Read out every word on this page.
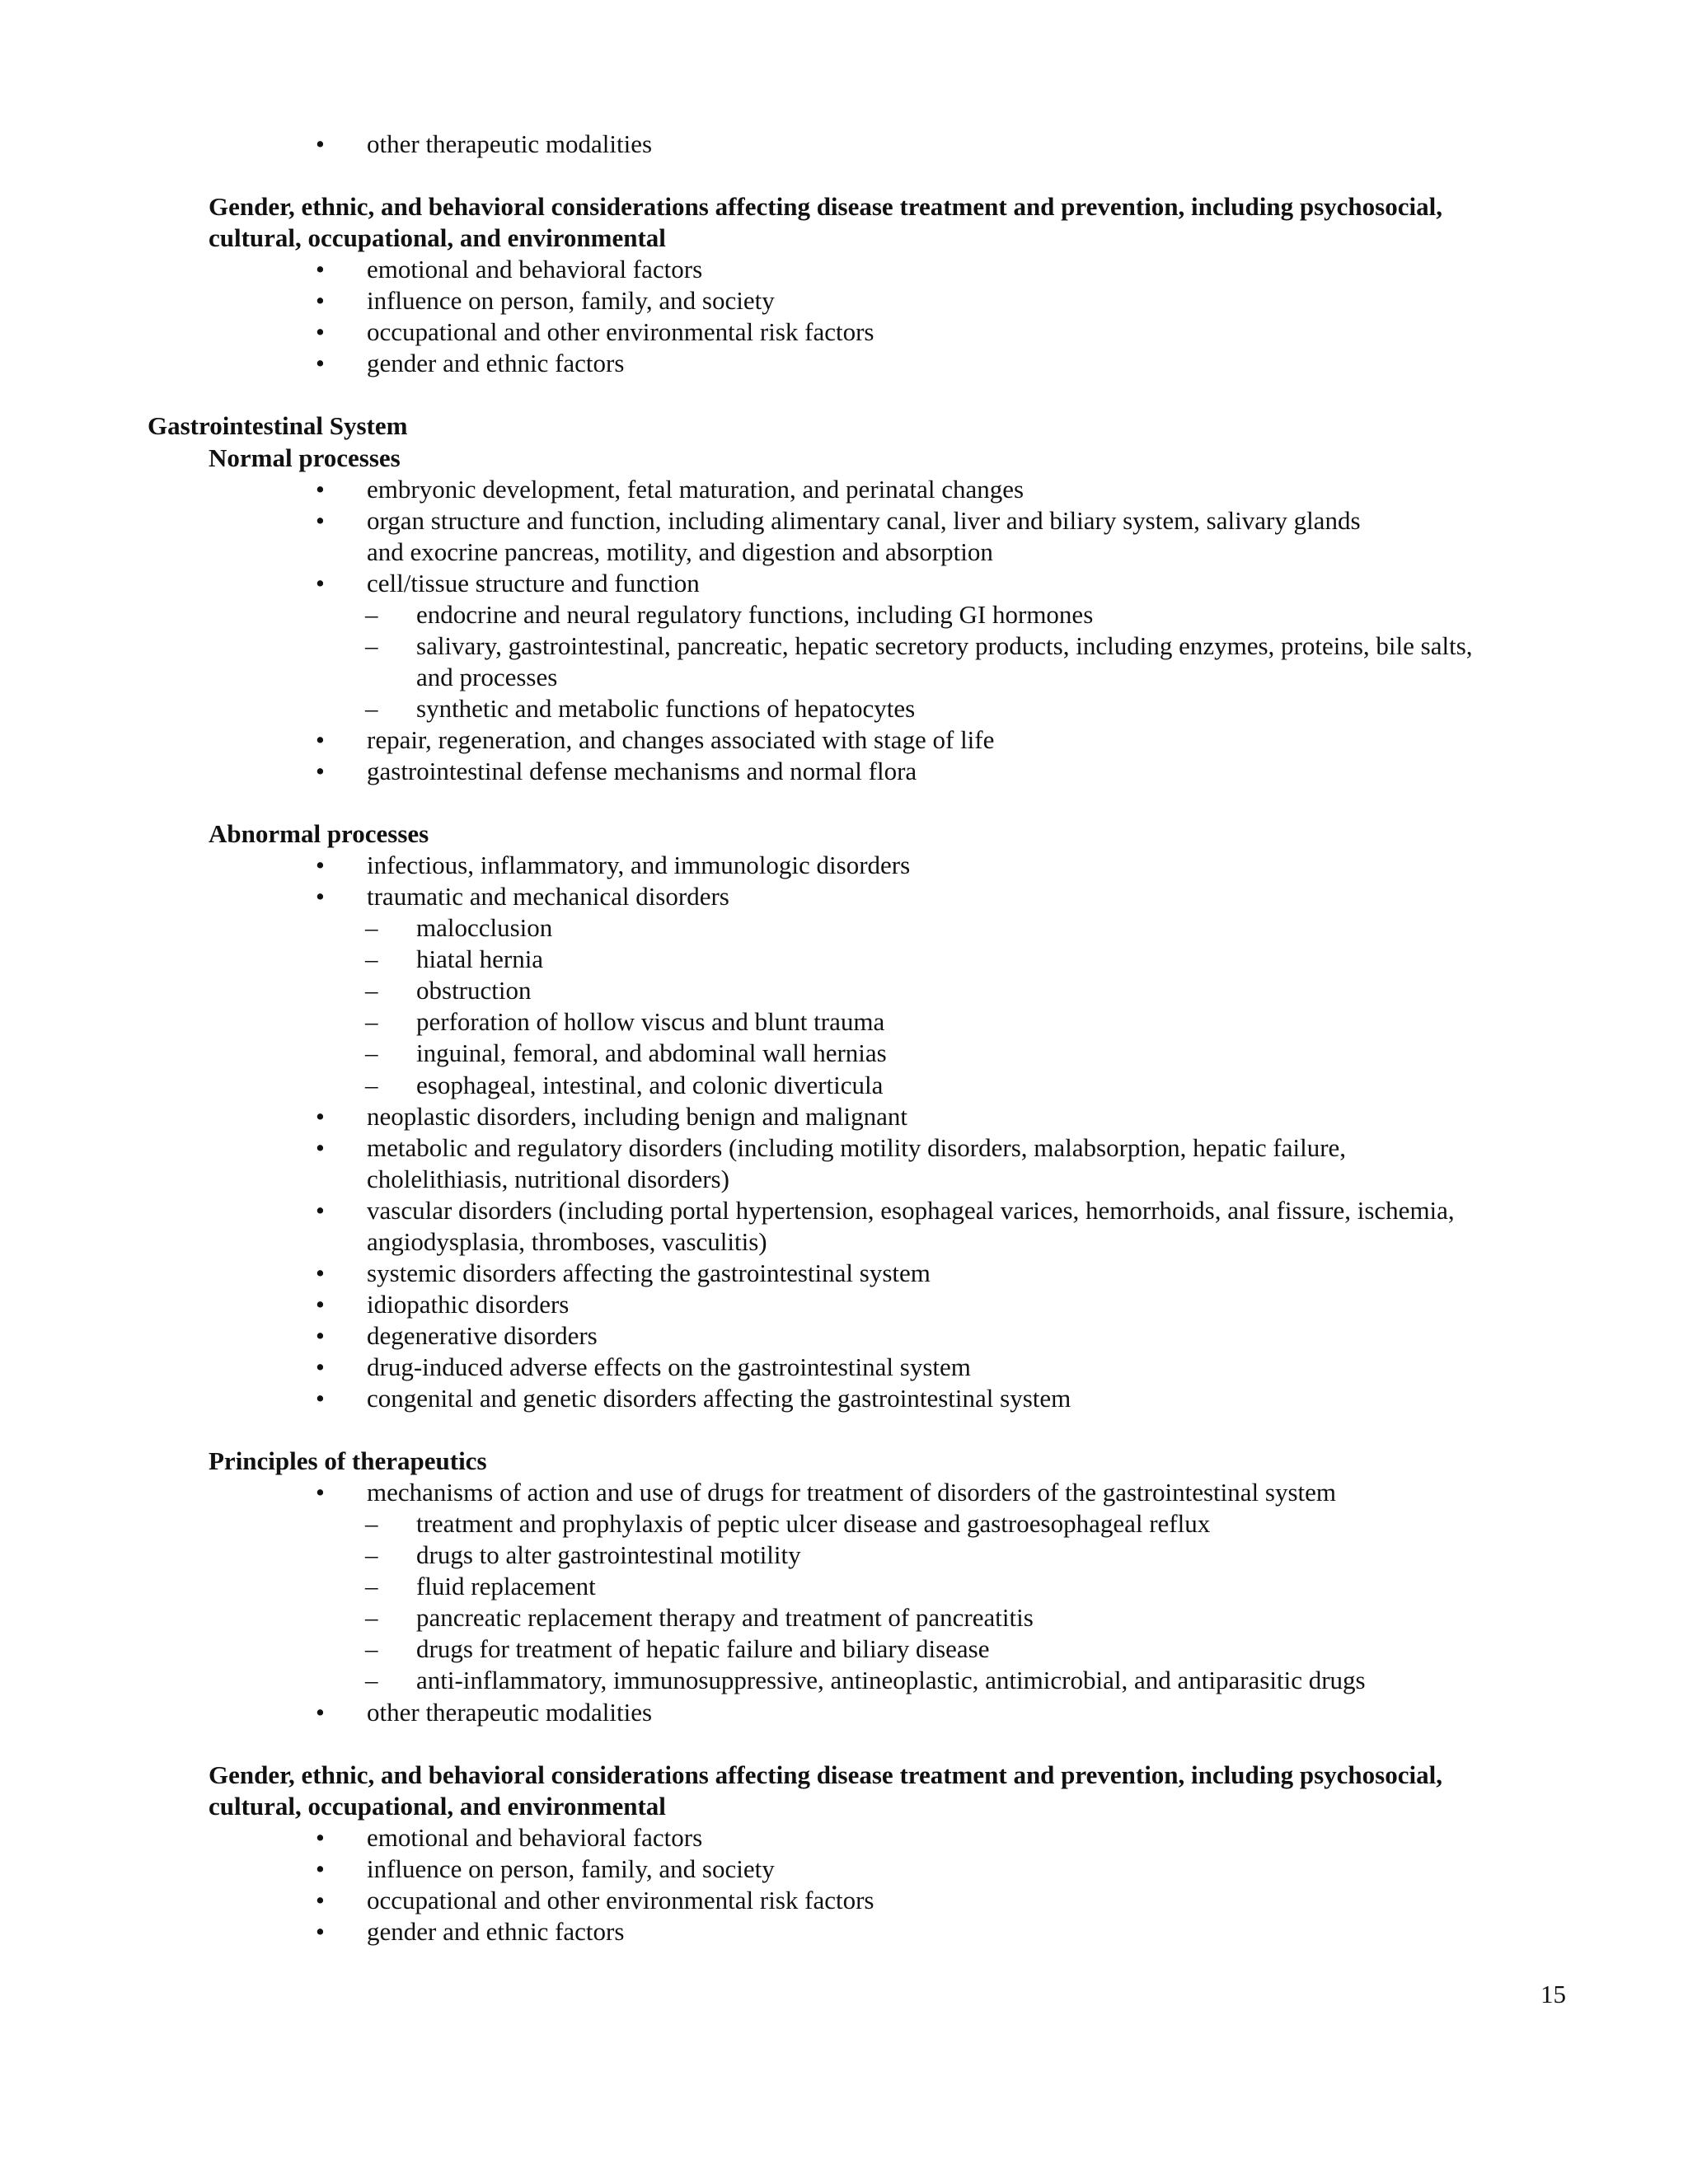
15
• other therapeutic modalities
Gender, ethnic, and behavioral considerations affecting disease treatment and prevention, including psychosocial,
cultural, occupational, and environmental
• emotional and behavioral factors
• influence on person, family, and society
• occupational and other environmental risk factors
• gender and ethnic factors
Gastrointestinal System
Normal processes
• embryonic development, fetal maturation, and perinatal changes
• organ structure and function, including alimentary canal, liver and biliary system, salivary glands
and exocrine pancreas, motility, and digestion and absorption
• cell/tissue structure and function
– endocrine and neural regulatory functions, including GI hormones
– salivary, gastrointestinal, pancreatic, hepatic secretory products, including enzymes, proteins, bile salts,
and processes
– synthetic and metabolic functions of hepatocytes
• repair, regeneration, and changes associated with stage of life
• gastrointestinal defense mechanisms and normal flora
Abnormal processes
• infectious, inflammatory, and immunologic disorders
• traumatic and mechanical disorders
– malocclusion
– hiatal hernia
– obstruction
– perforation of hollow viscus and blunt trauma
– inguinal, femoral, and abdominal wall hernias
– esophageal, intestinal, and colonic diverticula
• neoplastic disorders, including benign and malignant
• metabolic and regulatory disorders (including motility disorders, malabsorption, hepatic failure,
cholelithiasis, nutritional disorders)
• vascular disorders (including portal hypertension, esophageal varices, hemorrhoids, anal fissure, ischemia,
angiodysplasia, thromboses, vasculitis)
• systemic disorders affecting the gastrointestinal system
• idiopathic disorders
• degenerative disorders
• drug-induced adverse effects on the gastrointestinal system
• congenital and genetic disorders affecting the gastrointestinal system
Principles of therapeutics
• mechanisms of action and use of drugs for treatment of disorders of the gastrointestinal system
– treatment and prophylaxis of peptic ulcer disease and gastroesophageal reflux
– drugs to alter gastrointestinal motility
– fluid replacement
– pancreatic replacement therapy and treatment of pancreatitis
– drugs for treatment of hepatic failure and biliary disease
– anti-inflammatory, immunosuppressive, antineoplastic, antimicrobial, and antiparasitic drugs
• other therapeutic modalities
Gender, ethnic, and behavioral considerations affecting disease treatment and prevention, including psychosocial,
cultural, occupational, and environmental
• emotional and behavioral factors
• influence on person, family, and society
• occupational and other environmental risk factors
• gender and ethnic factors
